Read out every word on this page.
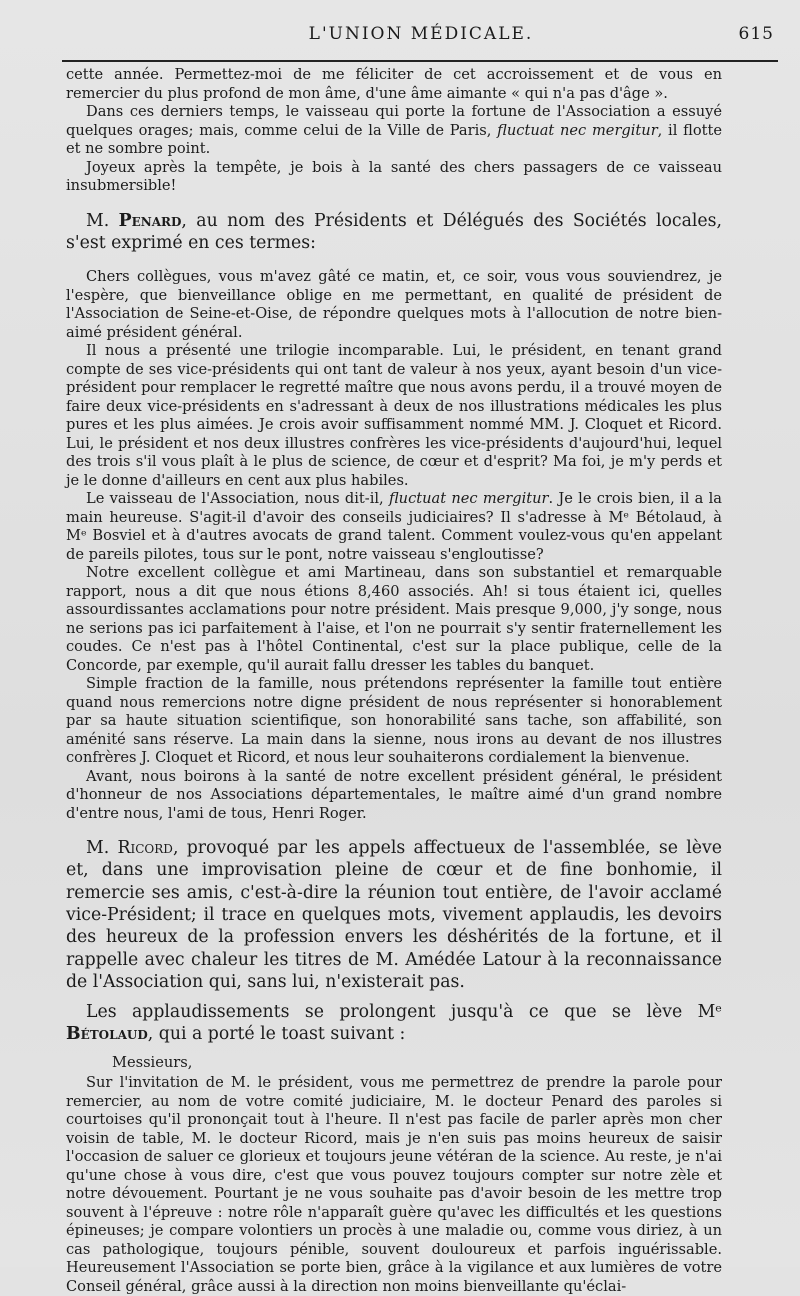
L'UNION MÉDICALE.	615

cette année. Permettez-moi de me féliciter de cet accroissement et de vous en remercier du plus profond de mon âme, d'une âme aimante « qui n'a pas d'âge ».

Dans ces derniers temps, le vaisseau qui porte la fortune de l'Association a essuyé quelques orages; mais, comme celui de la Ville de Paris, fluctuat nec mergitur, il flotte et ne sombre point.

Joyeux après la tempête, je bois à la santé des chers passagers de ce vaisseau insubmersible!

M. Penard, au nom des Présidents et Délégués des Sociétés locales, s'est exprimé en ces termes:

Chers collègues, vous m'avez gâté ce matin, et, ce soir, vous vous souviendrez, je l'espère, que bienveillance oblige en me permettant, en qualité de président de l'Association de Seine-et-Oise, de répondre quelques mots à l'allocution de notre bien-aimé président général.

Il nous a présenté une trilogie incomparable. Lui, le président, en tenant grand compte de ses vice-présidents qui ont tant de valeur à nos yeux, ayant besoin d'un vice-président pour remplacer le regretté maître que nous avons perdu, il a trouvé moyen de faire deux vice-présidents en s'adressant à deux de nos illustrations médicales les plus pures et les plus aimées. Je crois avoir suffisamment nommé MM. J. Cloquet et Ricord. Lui, le président et nos deux illustres confrères les vice-présidents d'aujourd'hui, lequel des trois s'il vous plaît à le plus de science, de cœur et d'esprit? Ma foi, je m'y perds et je le donne d'ailleurs en cent aux plus habiles.

Le vaisseau de l'Association, nous dit-il, fluctuat nec mergitur. Je le crois bien, il a la main heureuse. S'agit-il d'avoir des conseils judiciaires? Il s'adresse à Mᵉ Bétolaud, à Mᵉ Bosviel et à d'autres avocats de grand talent. Comment voulez-vous qu'en appelant de pareils pilotes, tous sur le pont, notre vaisseau s'engloutisse?

Notre excellent collègue et ami Martineau, dans son substantiel et remarquable rapport, nous a dit que nous étions 8,460 associés. Ah! si tous étaient ici, quelles assourdissantes acclamations pour notre président. Mais presque 9,000, j'y songe, nous ne serions pas ici parfaitement à l'aise, et l'on ne pourrait s'y sentir fraternellement les coudes. Ce n'est pas à l'hôtel Continental, c'est sur la place publique, celle de la Concorde, par exemple, qu'il aurait fallu dresser les tables du banquet.

Simple fraction de la famille, nous prétendons représenter la famille tout entière quand nous remercions notre digne président de nous représenter si honorablement par sa haute situation scientifique, son honorabilité sans tache, son affabilité, son aménité sans réserve. La main dans la sienne, nous irons au devant de nos illustres confrères J. Cloquet et Ricord, et nous leur souhaiterons cordialement la bienvenue.

Avant, nous boirons à la santé de notre excellent président général, le président d'honneur de nos Associations départementales, le maître aimé d'un grand nombre d'entre nous, l'ami de tous, Henri Roger.

M. Ricord, provoqué par les appels affectueux de l'assemblée, se lève et, dans une improvisation pleine de cœur et de fine bonhomie, il remercie ses amis, c'est-à-dire la réunion tout entière, de l'avoir acclamé vice-Président; il trace en quelques mots, vivement applaudis, les devoirs des heureux de la profession envers les déshérités de la fortune, et il rappelle avec chaleur les titres de M. Amédée Latour à la reconnaissance de l'Association qui, sans lui, n'existerait pas.

Les applaudissements se prolongent jusqu'à ce que se lève Mᵉ Bétolaud, qui a porté le toast suivant :

Messieurs,

Sur l'invitation de M. le président, vous me permettrez de prendre la parole pour remercier, au nom de votre comité judiciaire, M. le docteur Penard des paroles si courtoises qu'il prononçait tout à l'heure. Il n'est pas facile de parler après mon cher voisin de table, M. le docteur Ricord, mais je n'en suis pas moins heureux de saisir l'occasion de saluer ce glorieux et toujours jeune vétéran de la science. Au reste, je n'ai qu'une chose à vous dire, c'est que vous pouvez toujours compter sur notre zèle et notre dévouement. Pourtant je ne vous souhaite pas d'avoir besoin de les mettre trop souvent à l'épreuve : notre rôle n'apparaît guère qu'avec les difficultés et les questions épineuses; je compare volontiers un procès à une maladie ou, comme vous diriez, à un cas pathologique, toujours pénible, souvent douloureux et parfois inguérissable. Heureusement l'Association se porte bien, grâce à la vigilance et aux lumières de votre Conseil général, grâce aussi à la direction non moins bienveillante qu'éclai-
